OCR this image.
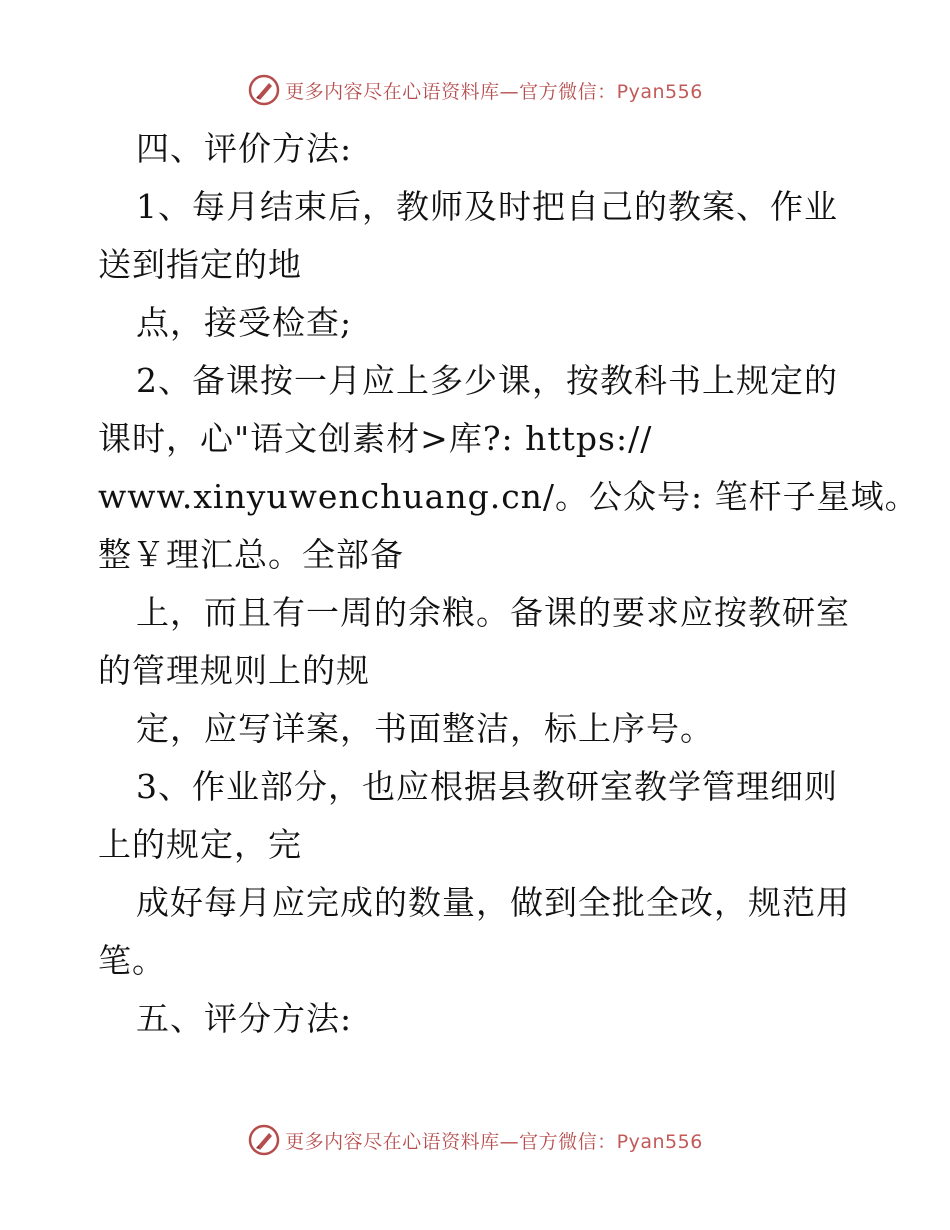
更多内容尽在心语资料库—官方微信：Pyan556
四、评价方法:
1、每月结束后，教师及时把自己的教案、作业
送到指定的地
点，接受检查;
2、备课按一月应上多少课，按教科书上规定的
课时，心"语文创素材>库?: https://
www.xinyuwenchuang.cn/。公众号: 笔杆子星域。
整￥理汇总。全部备
上，而且有一周的余粮。备课的要求应按教研室
的管理规则上的规
定，应写详案，书面整洁，标上序号。
3、作业部分，也应根据县教研室教学管理细则
上的规定，完
成好每月应完成的数量，做到全批全改，规范用
笔。
五、评分方法:
更多内容尽在心语资料库—官方微信：Pyan556
